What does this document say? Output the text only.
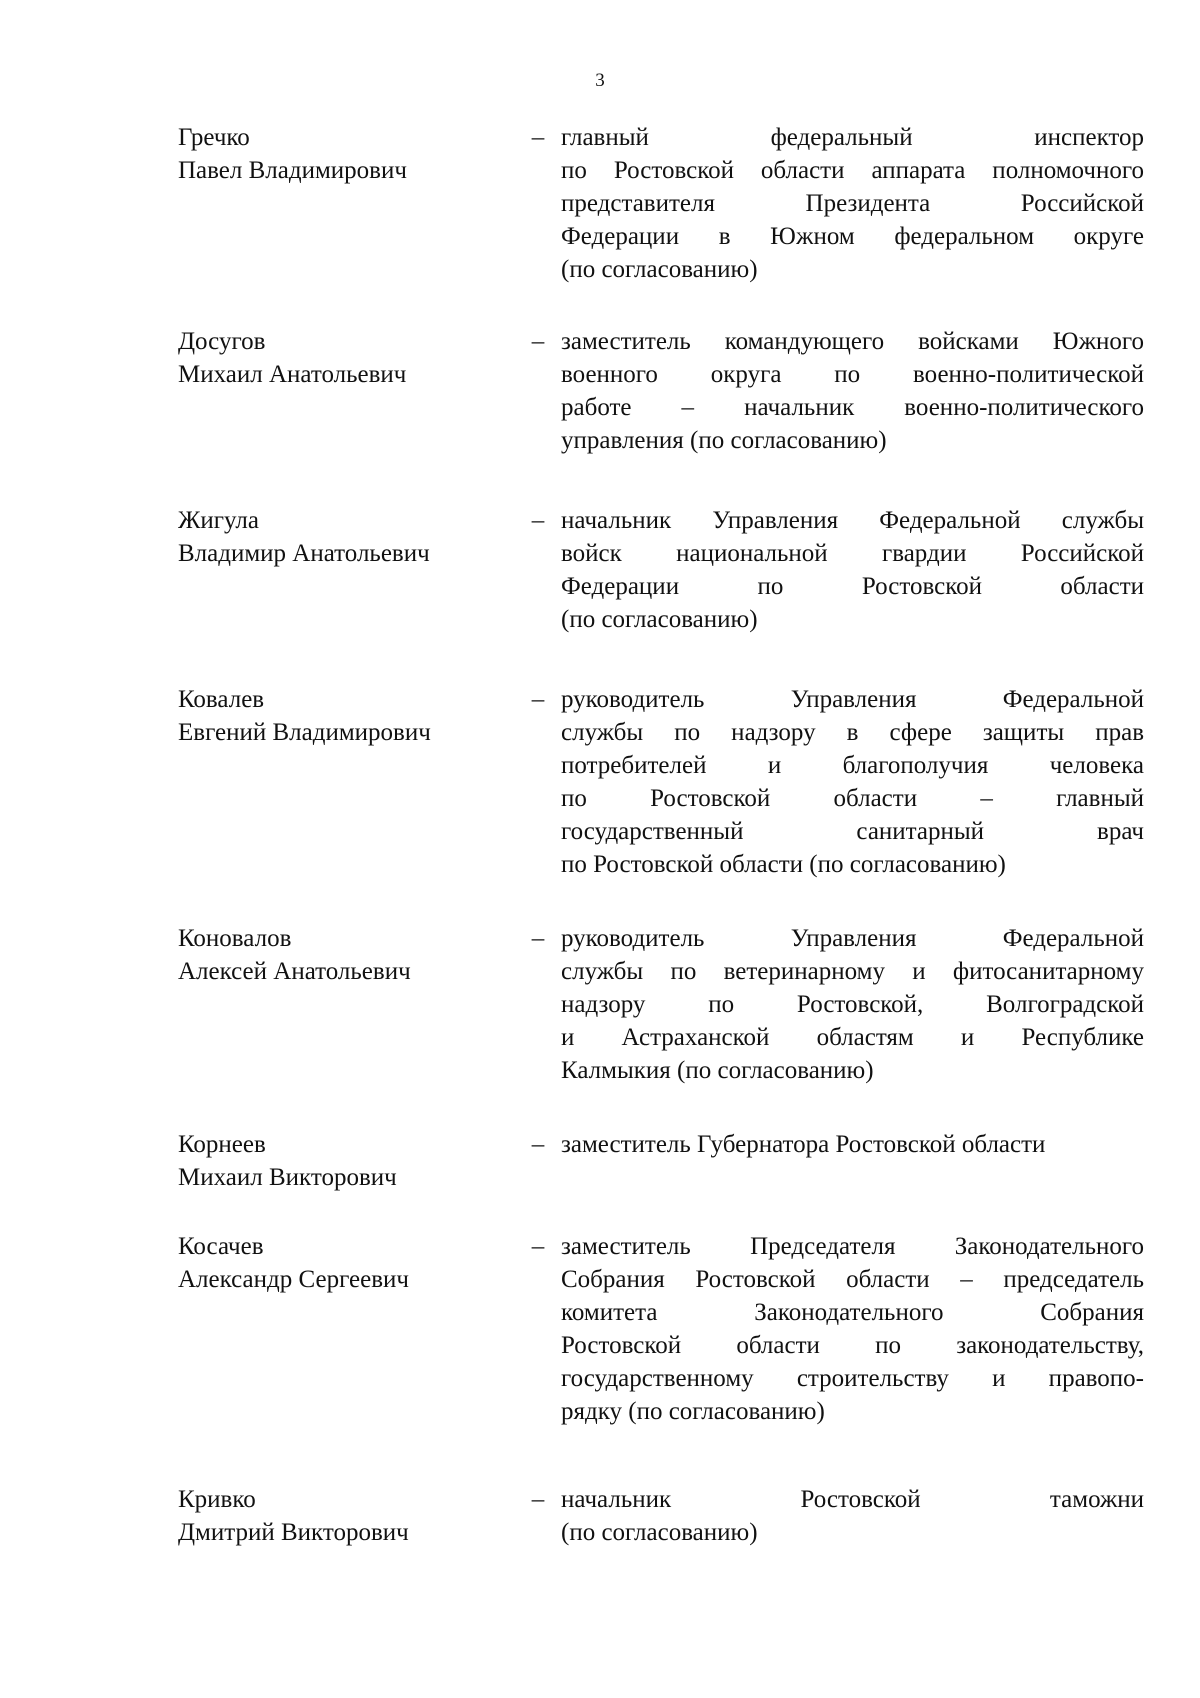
3
Гречко
Павел Владимирович
– главный федеральный инспектор
по Ростовской области аппарата полномочного
представителя Президента Российской
Федерации в Южном федеральном округе
(по согласованию)
Досугов
Михаил Анатольевич
– заместитель командующего войсками Южного
военного округа по военно-политической
работе – начальник военно-политического
управления (по согласованию)
Жигула
Владимир Анатольевич
– начальник Управления Федеральной службы
войск национальной гвардии Российской
Федерации по Ростовской области
(по согласованию)
Ковалев
Евгений Владимирович
– руководитель Управления Федеральной
службы по надзору в сфере защиты прав
потребителей и благополучия человека
по Ростовской области – главный
государственный санитарный врач
по Ростовской области (по согласованию)
Коновалов
Алексей Анатольевич
– руководитель Управления Федеральной
службы по ветеринарному и фитосанитарному
надзору по Ростовской, Волгоградской
и Астраханской областям и Республике
Калмыкия (по согласованию)
Корнеев
Михаил Викторович
– заместитель Губернатора Ростовской области
Косачев
Александр Сергеевич
– заместитель Председателя Законодательного
Собрания Ростовской области – председатель
комитета Законодательного Собрания
Ростовской области по законодательству,
государственному строительству и правопо-
рядку (по согласованию)
Кривко
Дмитрий Викторович
– начальник Ростовской таможни
(по согласованию)
